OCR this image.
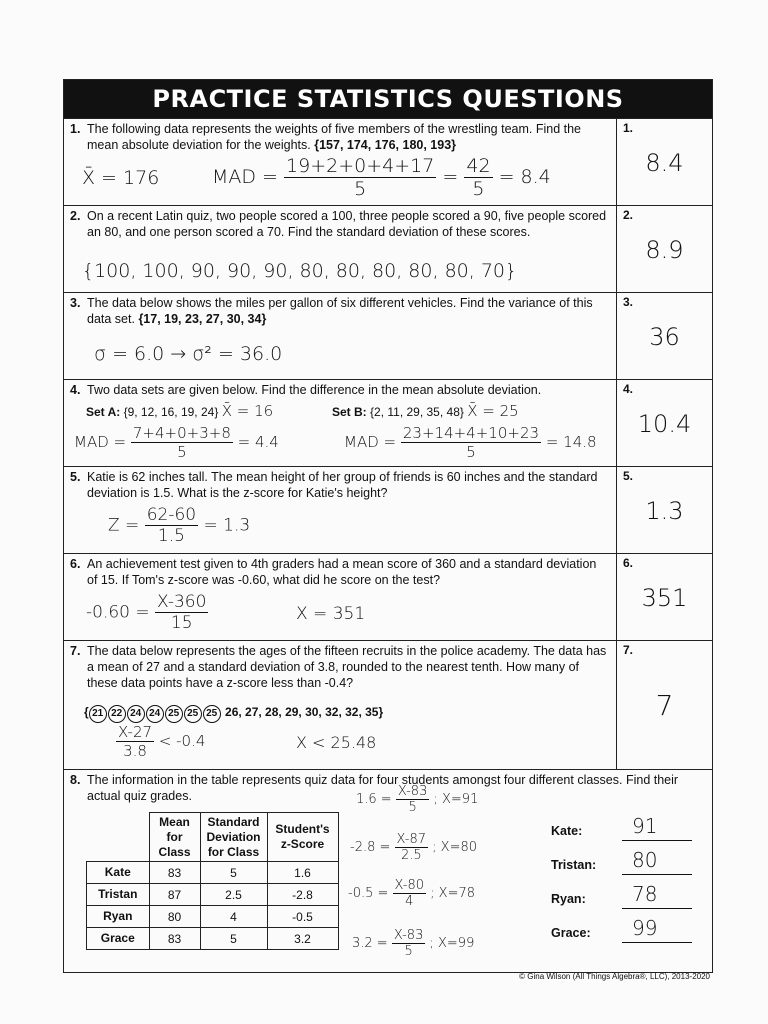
PRACTICE STATISTICS QUESTIONS
1. The following data represents the weights of five members of the wrestling team. Find the mean absolute deviation for the weights. {157, 174, 176, 180, 193}
X̄ = 176	MAD = $\frac{19+2+0+4+17}{5} = \frac{42}{5} = 8.4$
1.
8.4
2. On a recent Latin quiz, two people scored a 100, three people scored a 90, five people scored an 80, and one person scored a 70. Find the standard deviation of these scores.
{100, 100, 90, 90, 90, 80, 80, 80, 80, 80, 70}
2.
8.9
3. The data below shows the miles per gallon of six different vehicles. Find the variance of this data set. {17, 19, 23, 27, 30, 34}
σ = 6.0 → σ² = 36.0
3.
36
4. Two data sets are given below. Find the difference in the mean absolute deviation.
Set A: {9, 12, 16, 19, 24} X̄ = 16	Set B: {2, 11, 29, 35, 48} X̄ = 25
MAD = $\frac{7+4+0+3+8}{5} = 4.4$	MAD = $\frac{23+14+4+10+23}{5} = 14.8$
4.
10.4
5. Katie is 62 inches tall. The mean height of her group of friends is 60 inches and the standard deviation is 1.5. What is the z-score for Katie's height?
$Z = \frac{62-60}{1.5} = 1.3$
5.
1.3
6. An achievement test given to 4th graders had a mean score of 360 and a standard deviation of 15. If Tom's z-score was -0.60, what did he score on the test?
$-0.60 = \frac{X-360}{15}$	X = 351
6.
351
7. The data below represents the ages of the fifteen recruits in the police academy. The data has a mean of 27 and a standard deviation of 3.8, rounded to the nearest tenth. How many of these data points have a z-score less than -0.4?
{ 21 22 24 24 25 25 25 26, 27, 28, 29, 30, 32, 32, 35}
$\frac{X-27}{3.8} < -0.4$	X < 25.48
7.
7
8. The information in the table represents quiz data for four students amongst four different classes. Find their actual quiz grades.
	Mean for Class	Standard Deviation for Class	Student's z-Score
Kate	83	5	1.6
Tristan	87	2.5	-2.8
Ryan	80	4	-0.5
Grace	83	5	3.2
$1.6 = \frac{X-83}{5}$ ; X=91
$-2.8 = \frac{X-87}{2.5}$ ; X=80
$-0.5 = \frac{X-80}{4}$ ; X=78
$3.2 = \frac{X-83}{5}$ ; X=99
Kate: 91
Tristan: 80
Ryan: 78
Grace: 99
© Gina Wilson (All Things Algebra®, LLC), 2013-2020
